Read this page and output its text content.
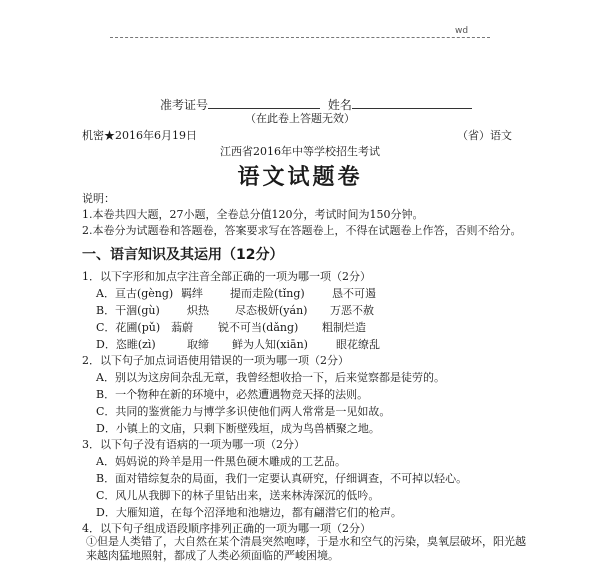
wd
准考证号	姓名
（在此卷上答题无效）
机密★2016年6月19日	（省）语文
江西省2016年中等学校招生考试
语文试题卷
说明：
1.本卷共四大题，27小题，全卷总分值120分，考试时间为150分钟。
2.本卷分为试题卷和答题卷，答案要求写在答题卷上，不得在试题卷上作答，否则不给分。
一、语言知识及其运用（12分）
1．以下字形和加点字注音全部正确的一项为哪一项（2分）
A．亘古(gèng) 羁绊 提而走险(tǐng) 恳不可遏
B．干涸(gù) 炽热 尽态极妍(yán) 万恶不赦
C．花圃(pǔ) 蓊蔚 锐不可当(dǎng) 粗制烂造
D．恣睢(zì)	取缔 鲜为人知(xiān)	眼花缭乱
2．以下句子加点词语使用错误的一项为哪一项（2分）
A．别以为这房间杂乱无章，我曾经想收拾一下，后来觉察都是徒劳的。
B．一个物种在新的环境中，必然遭遇物竞天择的法则。
C．共同的鉴赏能力与博学多识使他们两人常常是一见如故。
D．小镇上的文庙，只剩下断壁残垣，成为鸟兽栖聚之地。
3．以下句子没有语病的一项为哪一项（2分）
A．妈妈说的羚羊是用一件黑色硬木雕成的工艺品。
B．面对错综复杂的局面，我们一定要认真研究，仔细调查，不可掉以轻心。
C．风儿从我脚下的林子里钻出来，送来林涛深沉的低吟。
D．大雁知道，在每个沼泽地和池塘边，都有翩潜它们的枪声。
4．以下句子组成语段顺序排列正确的一项为哪一项（2分）
①但是人类错了，大自然在某个清晨突然咆哮，于是水和空气的污染，臭氧层破坏，阳光越
来越肉猛地照射，都成了人类必须面临的严峻困境。
